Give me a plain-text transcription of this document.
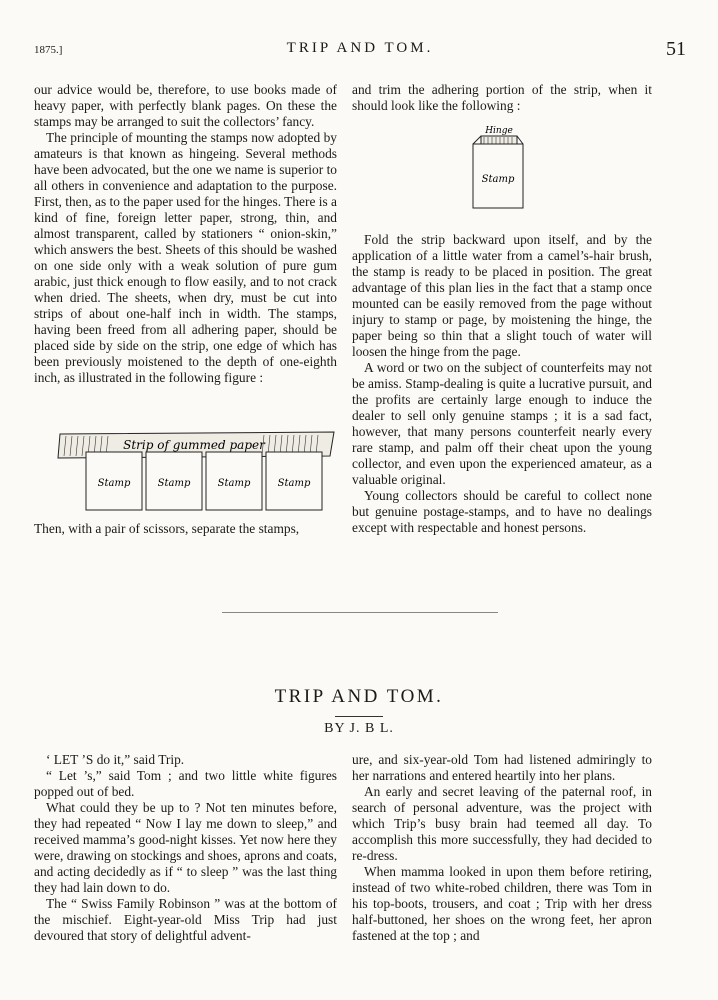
1875.]	TRIP AND TOM.	51

our advice would be, therefore, to use books made of heavy paper, with perfectly blank pages. On these the stamps may be arranged to suit the collectors’ fancy.

The principle of mounting the stamps now adopted by amateurs is that known as hingeing. Several methods have been advocated, but the one we name is superior to all others in convenience and adaptation to the purpose. First, then, as to the paper used for the hinges. There is a kind of fine, foreign letter paper, strong, thin, and almost transparent, called by stationers “ onion-skin,” which answers the best. Sheets of this should be washed on one side only with a weak solution of pure gum arabic, just thick enough to flow easily, and to not crack when dried. The sheets, when dry, must be cut into strips of about one-half inch in width. The stamps, having been freed from all adhering paper, should be placed side by side on the strip, one edge of which has been previously moistened to the depth of one-eighth inch, as illustrated in the following figure :

Strip of gummed paper
Stamp	Stamp	Stamp	Stamp

Then, with a pair of scissors, separate the stamps,

and trim the adhering portion of the strip, when it should look like the following :

Hinge
Stamp

Fold the strip backward upon itself, and by the application of a little water from a camel’s-hair brush, the stamp is ready to be placed in position. The great advantage of this plan lies in the fact that a stamp once mounted can be easily removed from the page without injury to stamp or page, by moistening the hinge, the paper being so thin that a slight touch of water will loosen the hinge from the page.

A word or two on the subject of counterfeits may not be amiss. Stamp-dealing is quite a lucrative pursuit, and the profits are certainly large enough to induce the dealer to sell only genuine stamps ; it is a sad fact, however, that many persons counterfeit nearly every rare stamp, and palm off their cheat upon the young collector, and even upon the experienced amateur, as a valuable original.

Young collectors should be careful to collect none but genuine postage-stamps, and to have no dealings except with respectable and honest persons.

TRIP AND TOM.
BY J. B L.

‘ LET ’S do it,” said Trip.

“ Let ’s,” said Tom ; and two little white figures popped out of bed.

What could they be up to ? Not ten minutes before, they had repeated “ Now I lay me down to sleep,” and received mamma’s good-night kisses. Yet now here they were, drawing on stockings and shoes, aprons and coats, and acting decidedly as if “ to sleep ” was the last thing they had lain down to do.

The “ Swiss Family Robinson ” was at the bottom of the mischief. Eight-year-old Miss Trip had just devoured that story of delightful advent-

ure, and six-year-old Tom had listened admiringly to her narrations and entered heartily into her plans.

An early and secret leaving of the paternal roof, in search of personal adventure, was the project with which Trip’s busy brain had teemed all day. To accomplish this more successfully, they had decided to re-dress.

When mamma looked in upon them before retiring, instead of two white-robed children, there was Tom in his top-boots, trousers, and coat ; Trip with her dress half-buttoned, her shoes on the wrong feet, her apron fastened at the top ; and
